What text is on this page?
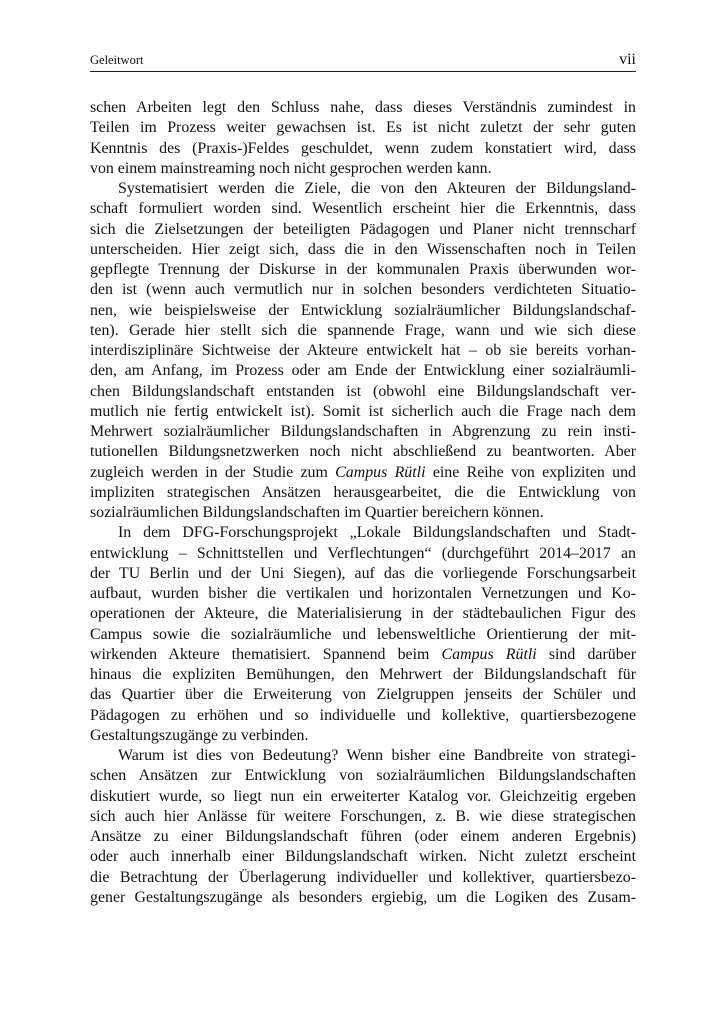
Geleitwort	vii

schen Arbeiten legt den Schluss nahe, dass dieses Verständnis zumindest in
Teilen im Prozess weiter gewachsen ist. Es ist nicht zuletzt der sehr guten
Kenntnis des (Praxis-)Feldes geschuldet, wenn zudem konstatiert wird, dass
von einem mainstreaming noch nicht gesprochen werden kann.

Systematisiert werden die Ziele, die von den Akteuren der Bildungsland-
schaft formuliert worden sind. Wesentlich erscheint hier die Erkenntnis, dass
sich die Zielsetzungen der beteiligten Pädagogen und Planer nicht trennscharf
unterscheiden. Hier zeigt sich, dass die in den Wissenschaften noch in Teilen
gepflegte Trennung der Diskurse in der kommunalen Praxis überwunden wor-
den ist (wenn auch vermutlich nur in solchen besonders verdichteten Situatio-
nen, wie beispielsweise der Entwicklung sozialräumlicher Bildungslandschaf-
ten). Gerade hier stellt sich die spannende Frage, wann und wie sich diese
interdisziplinäre Sichtweise der Akteure entwickelt hat – ob sie bereits vorhan-
den, am Anfang, im Prozess oder am Ende der Entwicklung einer sozialräumli-
chen Bildungslandschaft entstanden ist (obwohl eine Bildungslandschaft ver-
mutlich nie fertig entwickelt ist). Somit ist sicherlich auch die Frage nach dem
Mehrwert sozialräumlicher Bildungslandschaften in Abgrenzung zu rein insti-
tutionellen Bildungsnetzwerken noch nicht abschließend zu beantworten. Aber
zugleich werden in der Studie zum Campus Rütli eine Reihe von expliziten und
impliziten strategischen Ansätzen herausgearbeitet, die die Entwicklung von
sozialräumlichen Bildungslandschaften im Quartier bereichern können.

In dem DFG-Forschungsprojekt „Lokale Bildungslandschaften und Stadt-
entwicklung – Schnittstellen und Verflechtungen“ (durchgeführt 2014–2017 an
der TU Berlin und der Uni Siegen), auf das die vorliegende Forschungsarbeit
aufbaut, wurden bisher die vertikalen und horizontalen Vernetzungen und Ko-
operationen der Akteure, die Materialisierung in der städtebaulichen Figur des
Campus sowie die sozialräumliche und lebensweltliche Orientierung der mit-
wirkenden Akteure thematisiert. Spannend beim Campus Rütli sind darüber
hinaus die expliziten Bemühungen, den Mehrwert der Bildungslandschaft für
das Quartier über die Erweiterung von Zielgruppen jenseits der Schüler und
Pädagogen zu erhöhen und so individuelle und kollektive, quartiersbezogene
Gestaltungszugänge zu verbinden.

Warum ist dies von Bedeutung? Wenn bisher eine Bandbreite von strategi-
schen Ansätzen zur Entwicklung von sozialräumlichen Bildungslandschaften
diskutiert wurde, so liegt nun ein erweiterter Katalog vor. Gleichzeitig ergeben
sich auch hier Anlässe für weitere Forschungen, z. B. wie diese strategischen
Ansätze zu einer Bildungslandschaft führen (oder einem anderen Ergebnis)
oder auch innerhalb einer Bildungslandschaft wirken. Nicht zuletzt erscheint
die Betrachtung der Überlagerung individueller und kollektiver, quartiersbezo-
gener Gestaltungszugänge als besonders ergiebig, um die Logiken des Zusam-
